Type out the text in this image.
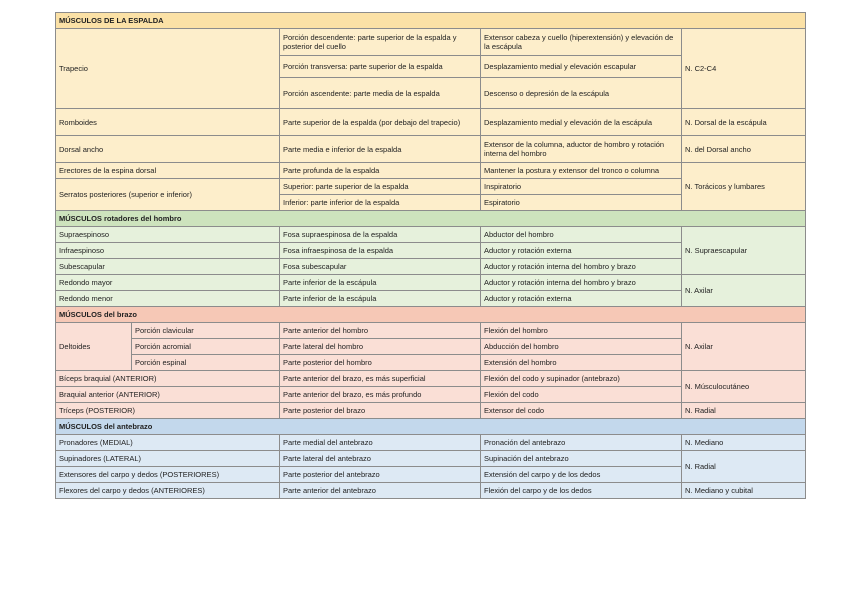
MÚSCULOS DE LA ESPALDA				
Trapecio		Porción descendente: parte superior de la espalda y posterior del cuello	Extensor cabeza y cuello (hiperextensión) y elevación de la escápula	N. C2-C4
		Porción transversa: parte superior de la espalda	Desplazamiento medial y elevación escapular	
		Porción ascendente: parte media de la espalda	Descenso o depresión de la escápula	
Romboides		Parte superior de la espalda (por debajo del trapecio)	Desplazamiento medial y elevación de la escápula	N. Dorsal de la escápula
Dorsal ancho		Parte media e inferior de la espalda	Extensor de la columna, aductor de hombro y rotación interna del hombro	N. del Dorsal ancho
Erectores de la espina dorsal		Parte profunda de la espalda	Mantener la postura y extensor del tronco o columna	N. Torácicos y lumbares
Serratos posteriores (superior e inferior)		Superior: parte superior de la espalda	Inspiratorio	
		Inferior: parte inferior de la espalda	Espiratorio	
MÚSCULOS rotadores del hombro				
Supraespinoso		Fosa supraespinosa de la espalda	Abductor del hombro	N. Supraescapular
Infraespinoso		Fosa infraespinosa de la espalda	Aductor y rotación externa	
Subescapular		Fosa subescapular	Aductor y rotación interna del hombro y brazo	
Redondo mayor		Parte inferior de la escápula	Aductor y rotación interna del hombro y brazo	N. Axilar
Redondo menor		Parte inferior de la escápula	Aductor y rotación externa	
MÚSCULOS del brazo				
Deltoides	Porción clavicular	Parte anterior del hombro	Flexión del hombro	N. Axilar
	Porción acromial	Parte lateral del hombro	Abducción del hombro	
	Porción espinal	Parte posterior del hombro	Extensión del hombro	
Bíceps braquial (ANTERIOR)		Parte anterior del brazo, es más superficial	Flexión del codo y supinador (antebrazo)	N. Músculocutáneo
Braquial anterior (ANTERIOR)		Parte anterior del brazo, es más profundo	Flexión del codo	
Tríceps (POSTERIOR)		Parte posterior del brazo	Extensor del codo	N. Radial
MÚSCULOS del antebrazo				
Pronadores (MEDIAL)		Parte medial del antebrazo	Pronación del antebrazo	N. Mediano
Supinadores (LATERAL)		Parte lateral del antebrazo	Supinación del antebrazo	N. Radial
Extensores del carpo y dedos (POSTERIORES)		Parte posterior del antebrazo	Extensión del carpo y de los dedos	
Flexores del carpo y dedos (ANTERIORES)		Parte anterior del antebrazo	Flexión del carpo y de los dedos	N. Mediano y cubital
